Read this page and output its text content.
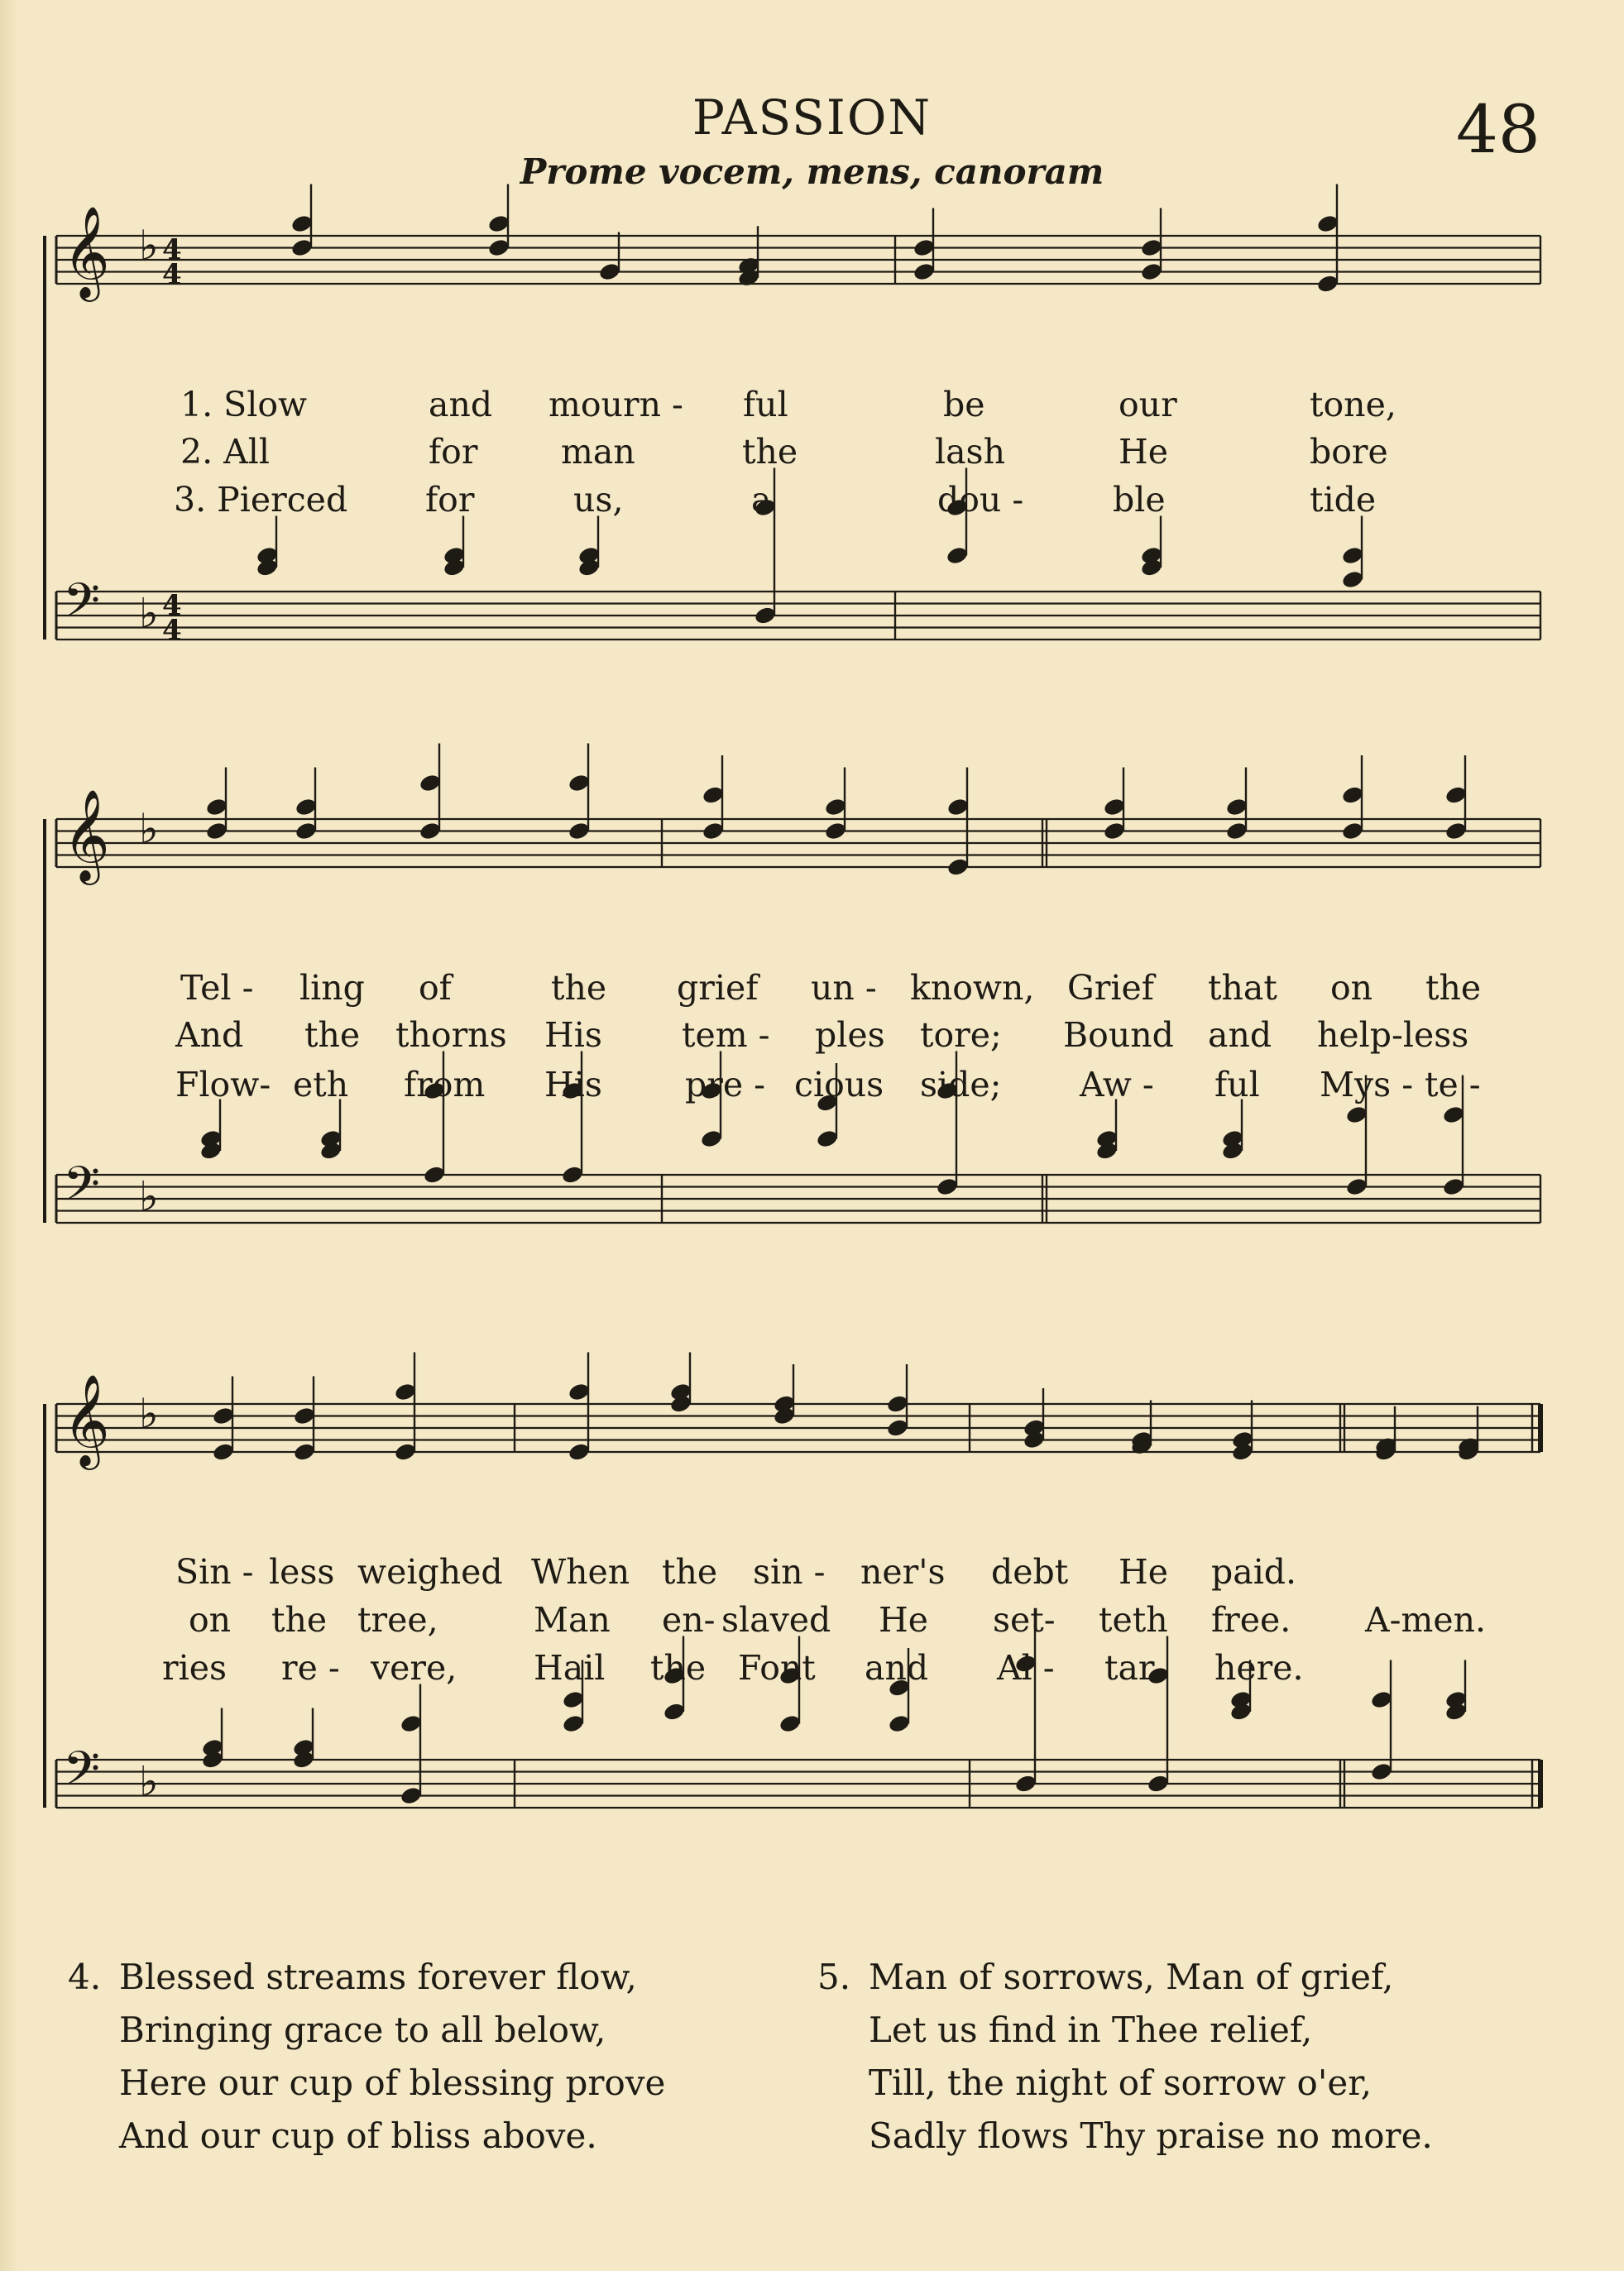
PASSION
Prome vocem, mens, canoram
48
𝄞 ♭
𝄢 ♭
𝄞 ♭
𝄢 ♭
𝄞 ♭
𝄢 ♭
4
4
4
4
1. Slow	and mourn - ful	be	our	tone,
2. All	for man	the	lash	He	bore
3. Pierced for	us,	a	dou -	ble	tide
Tel - ling of	the grief un - known, Grief that on the
And the thorns His tem - ples tore; Bound and help-less
Flow- eth from His pre - cious side; Aw - ful Mys - te -
Sin - less weighed When the sin - ner's debt He paid.
on the tree,	Man en- slaved He set- teth free. A-men.
ries re - vere, Hail the Font and Al - tar here.
4. Blessed streams forever flow,
Bringing grace to all below,
Here our cup of blessing prove
And our cup of bliss above.
5. Man of sorrows, Man of grief,
Let us find in Thee relief,
Till, the night of sorrow o'er,
Sadly flows Thy praise no more.
